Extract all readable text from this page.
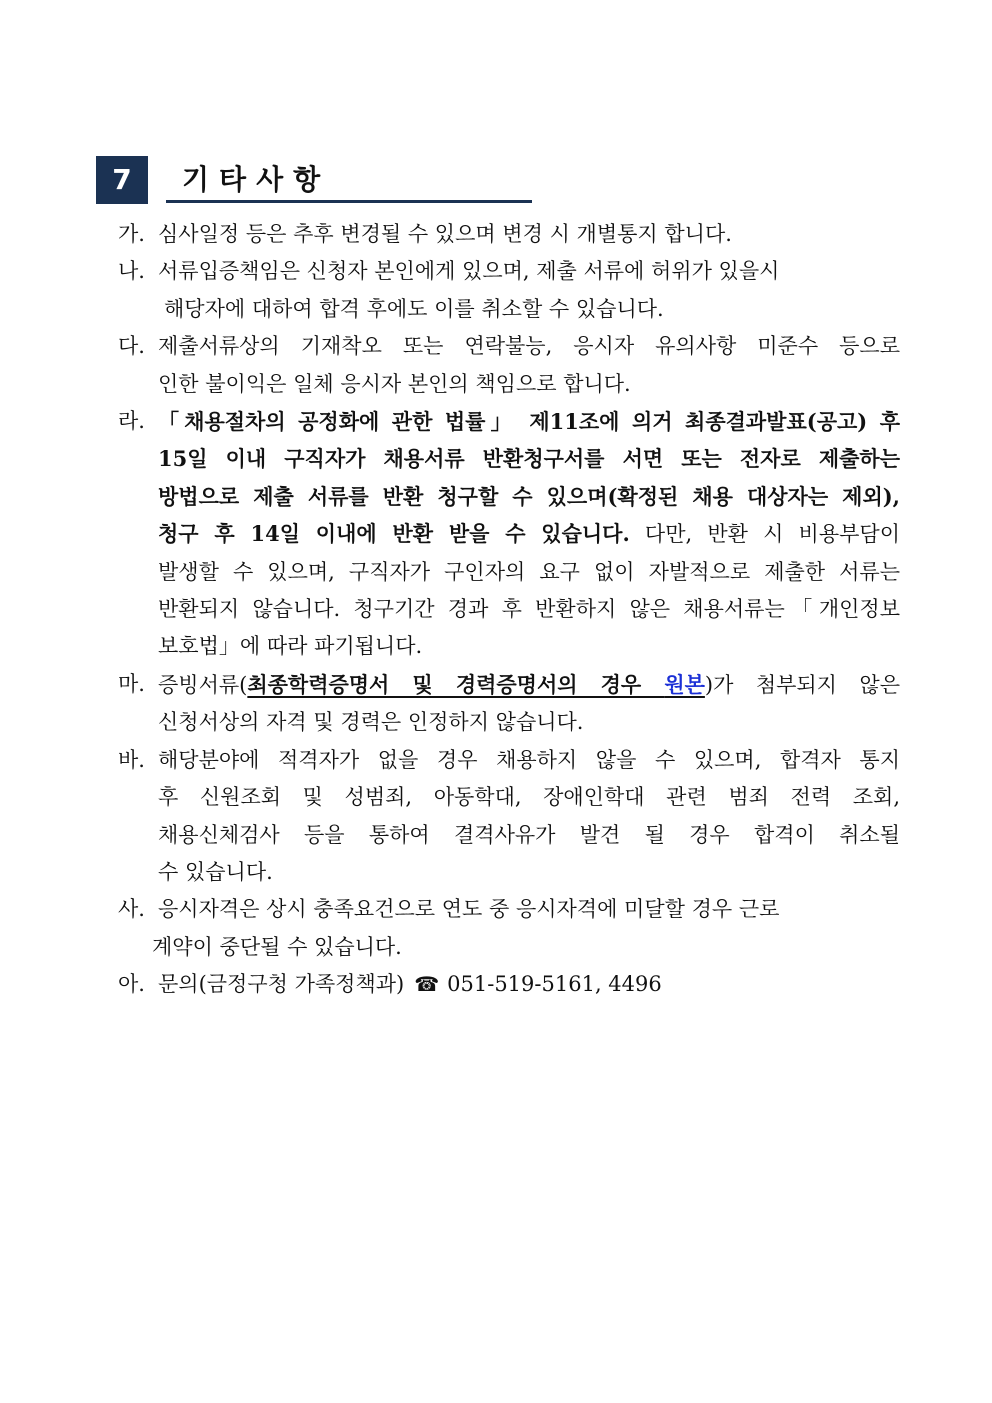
7	기타사항
가. 심사일정 등은 추후 변경될 수 있으며 변경 시 개별통지 합니다.
나. 서류입증책임은 신청자 본인에게 있으며, 제출 서류에 허위가 있을시
해당자에 대하여 합격 후에도 이를 취소할 수 있습니다.
다. 제출서류상의 기재착오 또는 연락불능, 응시자 유의사항 미준수 등으로
인한 불이익은 일체 응시자 본인의 책임으로 합니다.
라. 「채용절차의 공정화에 관한 법률」 제11조에 의거 최종결과발표(공고) 후
15일 이내 구직자가 채용서류 반환청구서를 서면 또는 전자로 제출하는
방법으로 제출 서류를 반환 청구할 수 있으며(확정된 채용 대상자는 제외),
청구 후 14일 이내에 반환 받을 수 있습니다. 다만, 반환 시 비용부담이
발생할 수 있으며, 구직자가 구인자의 요구 없이 자발적으로 제출한 서류는
반환되지 않습니다. 청구기간 경과 후 반환하지 않은 채용서류는「개인정보
보호법」에 따라 파기됩니다.
마. 증빙서류(최종학력증명서 및 경력증명서의 경우 원본)가 첨부되지 않은
신청서상의 자격 및 경력은 인정하지 않습니다.
바. 해당분야에 적격자가 없을 경우 채용하지 않을 수 있으며, 합격자 통지
후 신원조회 및 성범죄, 아동학대, 장애인학대 관련 범죄 전력 조회,
채용신체검사 등을 통하여 결격사유가 발견 될 경우 합격이 취소될
수 있습니다.
사. 응시자격은 상시 충족요건으로 연도 중 응시자격에 미달할 경우 근로
계약이 중단될 수 있습니다.
아. 문의(금정구청 가족정책과) ☎ 051-519-5161, 4496
